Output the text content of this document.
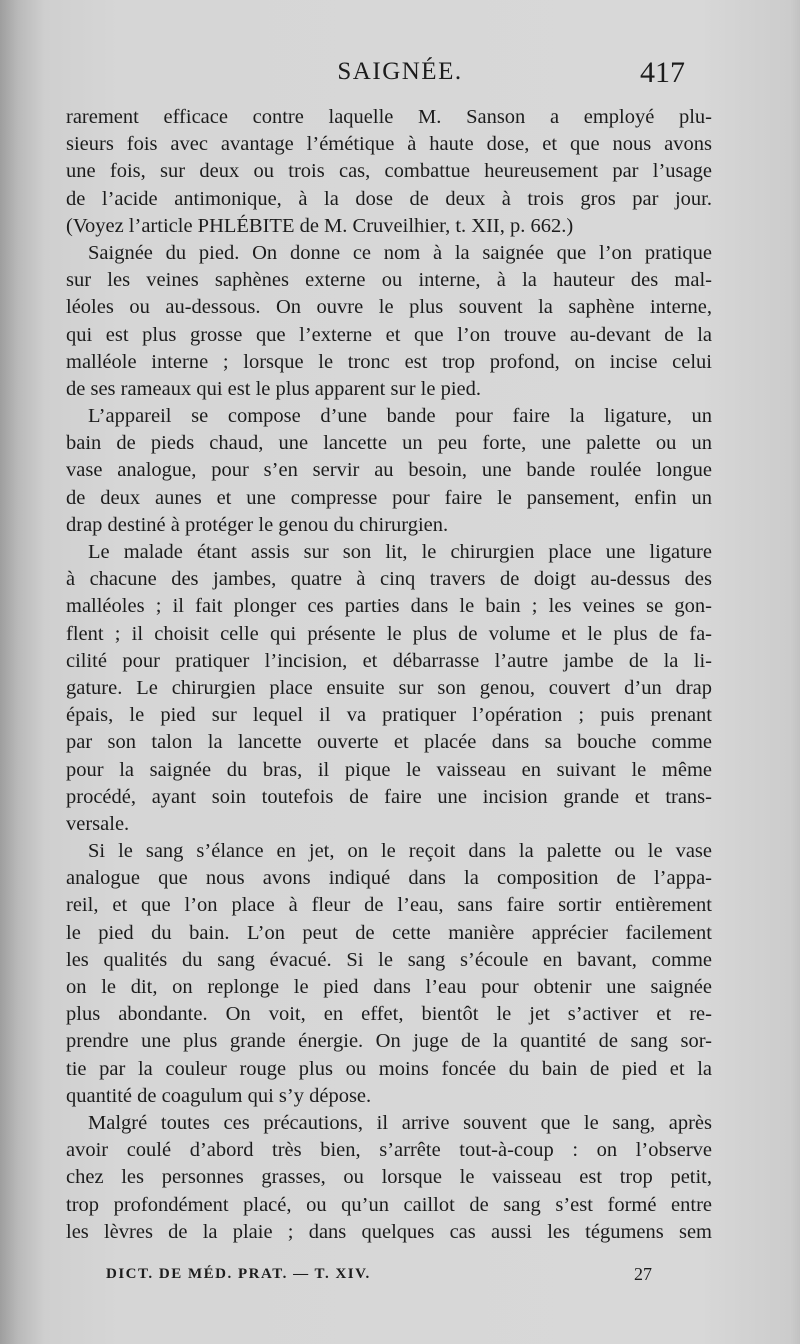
SAIGNÉE.	417
rarement efficace contre laquelle M. Sanson a employé plu-
sieurs fois avec avantage l’émétique à haute dose, et que nous avons
une fois, sur deux ou trois cas, combattue heureusement par l’usage
de l’acide antimonique, à la dose de deux à trois gros par jour.
(Voyez l’article PHLÉBITE de M. Cruveilhier, t. XII, p. 662.)
Saignée du pied. On donne ce nom à la saignée que l’on pratique
sur les veines saphènes externe ou interne, à la hauteur des mal-
léoles ou au-dessous. On ouvre le plus souvent la saphène interne,
qui est plus grosse que l’externe et que l’on trouve au-devant de la
malléole interne ; lorsque le tronc est trop profond, on incise celui
de ses rameaux qui est le plus apparent sur le pied.
L’appareil se compose d’une bande pour faire la ligature, un
bain de pieds chaud, une lancette un peu forte, une palette ou un
vase analogue, pour s’en servir au besoin, une bande roulée longue
de deux aunes et une compresse pour faire le pansement, enfin un
drap destiné à protéger le genou du chirurgien.
Le malade étant assis sur son lit, le chirurgien place une ligature
à chacune des jambes, quatre à cinq travers de doigt au-dessus des
malléoles ; il fait plonger ces parties dans le bain ; les veines se gon-
flent ; il choisit celle qui présente le plus de volume et le plus de fa-
cilité pour pratiquer l’incision, et débarrasse l’autre jambe de la li-
gature. Le chirurgien place ensuite sur son genou, couvert d’un drap
épais, le pied sur lequel il va pratiquer l’opération ; puis prenant
par son talon la lancette ouverte et placée dans sa bouche comme
pour la saignée du bras, il pique le vaisseau en suivant le même
procédé, ayant soin toutefois de faire une incision grande et trans-
versale.
Si le sang s’élance en jet, on le reçoit dans la palette ou le vase
analogue que nous avons indiqué dans la composition de l’appa-
reil, et que l’on place à fleur de l’eau, sans faire sortir entièrement
le pied du bain. L’on peut de cette manière apprécier facilement
les qualités du sang évacué. Si le sang s’écoule en bavant, comme
on le dit, on replonge le pied dans l’eau pour obtenir une saignée
plus abondante. On voit, en effet, bientôt le jet s’activer et re-
prendre une plus grande énergie. On juge de la quantité de sang sor-
tie par la couleur rouge plus ou moins foncée du bain de pied et la
quantité de coagulum qui s’y dépose.
Malgré toutes ces précautions, il arrive souvent que le sang, après
avoir coulé d’abord très bien, s’arrête tout-à-coup : on l’observe
chez les personnes grasses, ou lorsque le vaisseau est trop petit,
trop profondément placé, ou qu’un caillot de sang s’est formé entre
les lèvres de la plaie ; dans quelques cas aussi les tégumens sem
DICT. DE MÉD. PRAT. — T. XIV.	27
